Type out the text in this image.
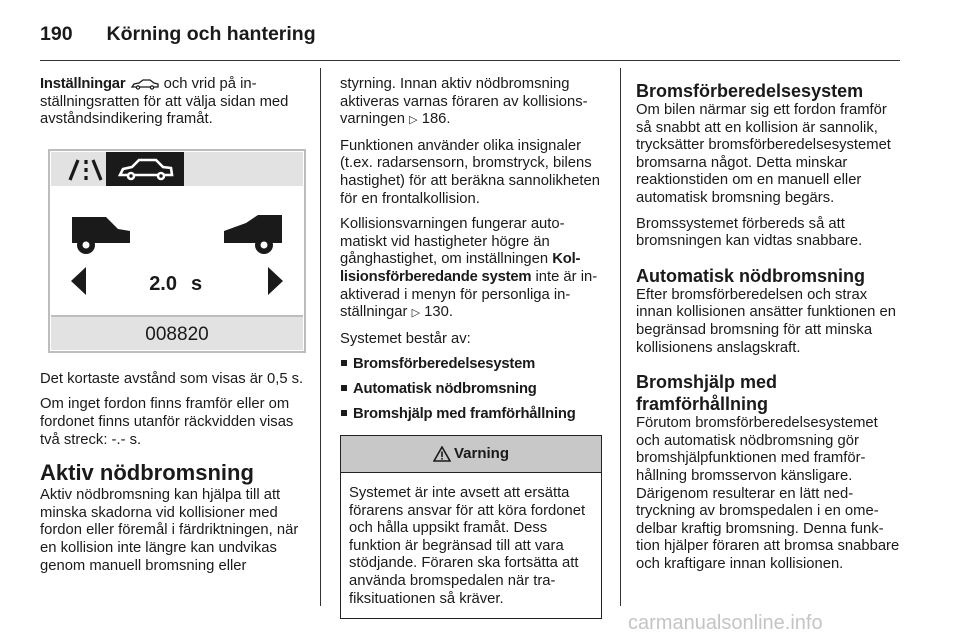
190 Körning och hantering

Inställningar  och vrid på inställningsratten för att välja sidan med avståndsindikering framåt.

2.0 s
008820

Det kortaste avstånd som visas är 0,5 s.

Om inget fordon finns framför eller om fordonet finns utanför räckvidden visas två streck: -.- s.

Aktiv nödbromsning

Aktiv nödbromsning kan hjälpa till att minska skadorna vid kollisioner med fordon eller föremål i färdriktningen, när en kollision inte längre kan undvikas genom manuell bromsning eller

styrning. Innan aktiv nödbromsning aktiveras varnas föraren av kollisionsvarningen ▷ 186.

Funktionen använder olika insignaler (t.ex. radarsensorn, bromstryck, bilens hastighet) för att beräkna sannolikheten för en frontalkollision.

Kollisionsvarningen fungerar automatiskt vid hastigheter högre än gånghastighet, om inställningen Kollisionsförberedande system inte är inaktiverad i menyn för personliga inställningar ▷ 130.

Systemet består av:

Bromsförberedelsesystem
Automatisk nödbromsning
Bromshjälp med framförhållning
Varning
Systemet är inte avsett att ersätta förarens ansvar för att köra fordonet och hålla uppsikt framåt. Dess funktion är begränsad till att vara stödjande. Föraren ska fortsätta att använda bromspedalen när trafiksituationen så kräver.
Bromsförberedelsesystem

Om bilen närmar sig ett fordon framför så snabbt att en kollision är sannolik, trycksätter bromsförberedelsesystemet bromsarna något. Detta minskar reaktionstiden om en manuell eller automatisk bromsning begärs.

Bromssystemet förbereds så att bromsningen kan vidtas snabbare.

Automatisk nödbromsning

Efter bromsförberedelsen och strax innan kollisionen ansätter funktionen en begränsad bromsning för att minska kollisionens anslagskraft.

Bromshjälp med framförhållning

Förutom bromsförberedelsesystemet och automatisk nödbromsning gör bromshjälpfunktionen med framförhållning bromsservon känsligare. Därigenom resulterar en lätt nedtryckning av bromspedalen i en omedelbar kraftig bromsning. Denna funktion hjälper föraren att bromsa snabbare och kraftigare innan kollisionen.

carmanualsonline.info
